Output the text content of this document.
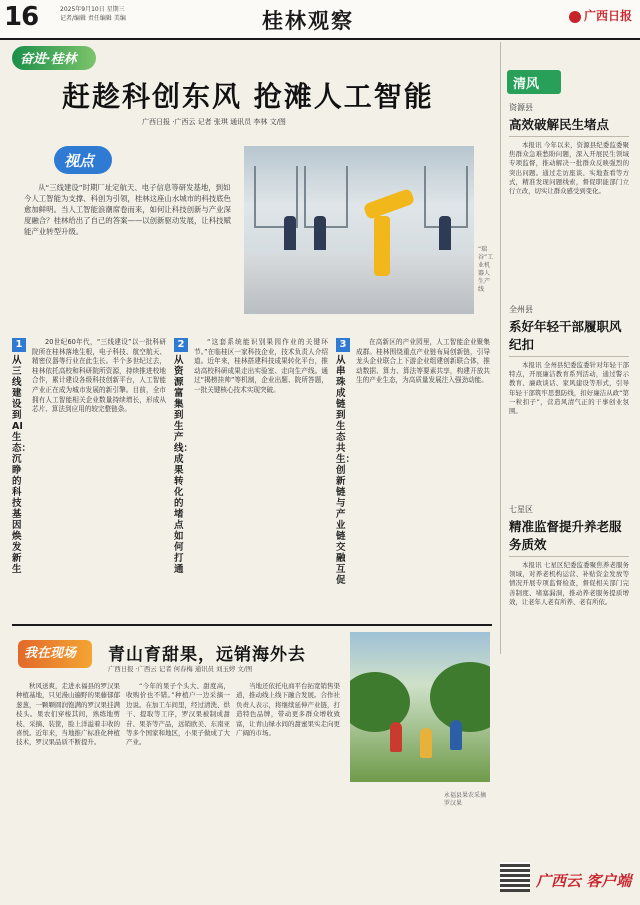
16	2025年9月10日 星期三
记者/编辑 责任编辑 美编	桂林观察	广西日报
奋进·桂林
赶趁科创东风 抢滩人工智能
广西日报 ·广西云 记者 张琪 通讯员 李林 文/图
视点
从“三线建设”时期厂址定航天、电子信息等研发基地，到如今人工智能为支撑、科创为引领，桂林这座山水城市的科技底色愈加鲜明。当人工智能浪潮席卷而来，如何让科技创新与产业深度融合？桂林给出了自己的答案——以创新驱动发展，让科技赋能产业转型升级。
“瑞谷”工业机器人生产线
1
从三线建设到AI生态：沉睁的科技基因焕发新生
20世纪60年代，“三线建设”以一批科研院所在桂林落地生根，电子科技、航空航天、精密仪器等行业在此生长。半个多世纪过去，桂林依托高校和科研院所资源，持续推进校地合作，累计建设各级科技创新平台，人工智能产业正在成为城市发展的新引擎。目前，全市拥有人工智能相关企业数量持续增长，形成从芯片、算法到应用的较完整链条。
2
从资源富集到生产线：成果转化的堵点如何打通
“这套系统能识别果园作业的关键环节。”在临桂区一家科技企业，技术负责人介绍道。近年来，桂林搭建科技成果转化平台，推动高校科研成果走出实验室、走向生产线。通过“揭榜挂帅”等机制，企业出题、院所答题，一批关键核心技术实现突破。
3
从串珠成链到生态共生：创新链与产业链交融互促
在高新区的产业园里，人工智能企业聚集成群。桂林围绕重点产业链布局创新链，引导龙头企业联合上下游企业组建创新联合体，推动数据、算力、算法等要素共享，构建开放共生的产业生态，为高质量发展注入强劲动能。
清风
资源县
高效破解民生堵点
本报讯 今年以来，资源县纪委监委聚焦群众急难愁盼问题，深入开展民生领域专项监督，推动解决一批群众反映强烈的突出问题。通过走访座谈、实地查看等方式，精准发现问题线索，督促职能部门立行立改，切实让群众感受到变化。
全州县
系好年轻干部履职风纪扣
本报讯 全州县纪委监委针对年轻干部特点，开展廉洁教育系列活动，通过警示教育、廉政谈话、家风建设等形式，引导年轻干部筑牢思想防线，扣好廉洁从政“第一粒扣子”，营造风清气正的干事创业氛围。
七星区
精准监督提升养老服务质效
本报讯 七星区纪委监委聚焦养老服务领域，对养老机构运营、补贴资金发放等情况开展专项监督检查，督促相关部门完善制度、堵塞漏洞，推动养老服务提质增效，让老年人老有所养、老有所依。
我在现场 青山育甜果，远销海外去
广西日报 ·广西云 记者 何春梅 通讯员 刘玉婷 文/图
秋风送爽，走进永福县的罗汉果种植基地，只见漫山遍野的果藤郁郁葱葱，一颗颗圆润饱满的罗汉果挂满枝头。果农们穿梭其间，熟练地剪枝、采摘、装筐，脸上洋溢着丰收的喜悦。近年来，当地推广标准化种植技术，罗汉果品质不断提升。
“今年的果子个头大、甜度高，收购价也不错。”种植户一边采摘一边说。在加工车间里，经过清洗、烘干、提取等工序，罗汉果被制成甜苷、果茶等产品，远销欧美、东南亚等多个国家和地区，小果子做成了大产业。
当地还依托电商平台拓宽销售渠道，推动线上线下融合发展。合作社负责人表示，将继续延伸产业链，打造特色品牌，带动更多群众增收致富，让青山绿水间的甜蜜果实走向更广阔的市场。
永福县果农采摘罗汉果
广西云 客户端
